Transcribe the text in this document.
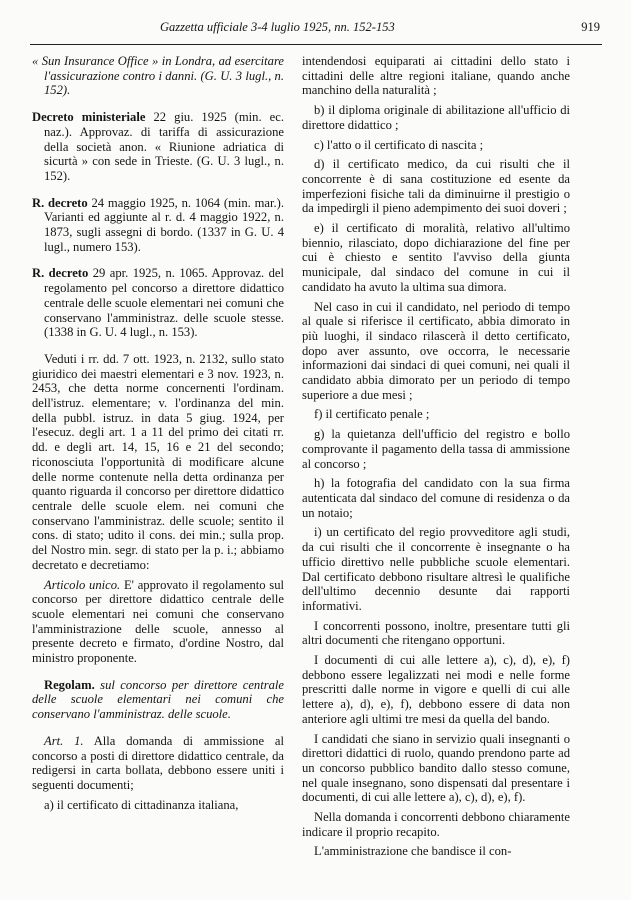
Gazzetta ufficiale 3-4 luglio 1925, nn. 152-153	919

« Sun Insurance Office » in Londra, ad esercitare l'assicurazione contro i danni. (G. U. 3 lugl., n. 152).

Decreto ministeriale 22 giu. 1925 (min. ec. naz.). Approvaz. di tariffa di assicurazione della società anon. « Riunione adriatica di sicurtà » con sede in Trieste. (G. U. 3 lugl., n. 152).

R. decreto 24 maggio 1925, n. 1064 (min. mar.). Varianti ed aggiunte al r. d. 4 maggio 1922, n. 1873, sugli assegni di bordo. (1337 in G. U. 4 lugl., numero 153).

R. decreto 29 apr. 1925, n. 1065. Approvaz. del regolamento pel concorso a direttore didattico centrale delle scuole elementari nei comuni che conservano l'amministraz. delle scuole stesse. (1338 in G. U. 4 lugl., n. 153).

Veduti i rr. dd. 7 ott. 1923, n. 2132, sullo stato giuridico dei maestri elementari e 3 nov. 1923, n. 2453, che detta norme concernenti l'ordinam. dell'istruz. elementare; v. l'ordinanza del min. della pubbl. istruz. in data 5 giug. 1924, per l'esecuz. degli art. 1 a 11 del primo dei citati rr. dd. e degli art. 14, 15, 16 e 21 del secondo; riconosciuta l'opportunità di modificare alcune delle norme contenute nella detta ordinanza per quanto riguarda il concorso per direttore didattico centrale delle scuole elem. nei comuni che conservano l'amministraz. delle scuole; sentito il cons. di stato; udito il cons. dei min.; sulla prop. del Nostro min. segr. di stato per la p. i.; abbiamo decretato e decretiamo:

Articolo unico. E' approvato il regolamento sul concorso per direttore didattico centrale delle scuole elementari nei comuni che conservano l'amministrazione delle scuole, annesso al presente decreto e firmato, d'ordine Nostro, dal ministro proponente.

Regolam. sul concorso per direttore centrale delle scuole elementari nei comuni che conservano l'amministraz. delle scuole.

Art. 1. Alla domanda di ammissione al concorso a posti di direttore didattico centrale, da redigersi in carta bollata, debbono essere uniti i seguenti documenti;

a) il certificato di cittadinanza italiana,

intendendosi equiparati ai cittadini dello stato i cittadini delle altre regioni italiane, quando anche manchino della naturalità ;

b) il diploma originale di abilitazione all'ufficio di direttore didattico ;

c) l'atto o il certificato di nascita ;

d) il certificato medico, da cui risulti che il concorrente è di sana costituzione ed esente da imperfezioni fisiche tali da diminuirne il prestigio o da impedirgli il pieno adempimento dei suoi doveri ;

e) il certificato di moralità, relativo all'ultimo biennio, rilasciato, dopo dichiarazione del fine per cui è chiesto e sentito l'avviso della giunta municipale, dal sindaco del comune in cui il candidato ha avuto la ultima sua dimora.

Nel caso in cui il candidato, nel periodo di tempo al quale si riferisce il certificato, abbia dimorato in più luoghi, il sindaco rilascerà il detto certificato, dopo aver assunto, ove occorra, le necessarie informazioni dai sindaci di quei comuni, nei quali il candidato abbia dimorato per un periodo di tempo superiore a due mesi ;

f) il certificato penale ;

g) la quietanza dell'ufficio del registro e bollo comprovante il pagamento della tassa di ammissione al concorso ;

h) la fotografia del candidato con la sua firma autenticata dal sindaco del comune di residenza o da un notaio;

i) un certificato del regio provveditore agli studi, da cui risulti che il concorrente è insegnante o ha ufficio direttivo nelle pubbliche scuole elementari. Dal certificato debbono risultare altresì le qualifiche dell'ultimo decennio desunte dai rapporti informativi.

I concorrenti possono, inoltre, presentare tutti gli altri documenti che ritengano opportuni.

I documenti di cui alle lettere a), c), d), e), f) debbono essere legalizzati nei modi e nelle forme prescritti dalle norme in vigore e quelli di cui alle lettere a), d), e), f), debbono essere di data non anteriore agli ultimi tre mesi da quella del bando.

I candidati che siano in servizio quali insegnanti o direttori didattici di ruolo, quando prendono parte ad un concorso pubblico bandito dallo stesso comune, nel quale insegnano, sono dispensati dal presentare i documenti, di cui alle lettere a), c), d), e), f).

Nella domanda i concorrenti debbono chiaramente indicare il proprio recapito.

L'amministrazione che bandisce il con-
